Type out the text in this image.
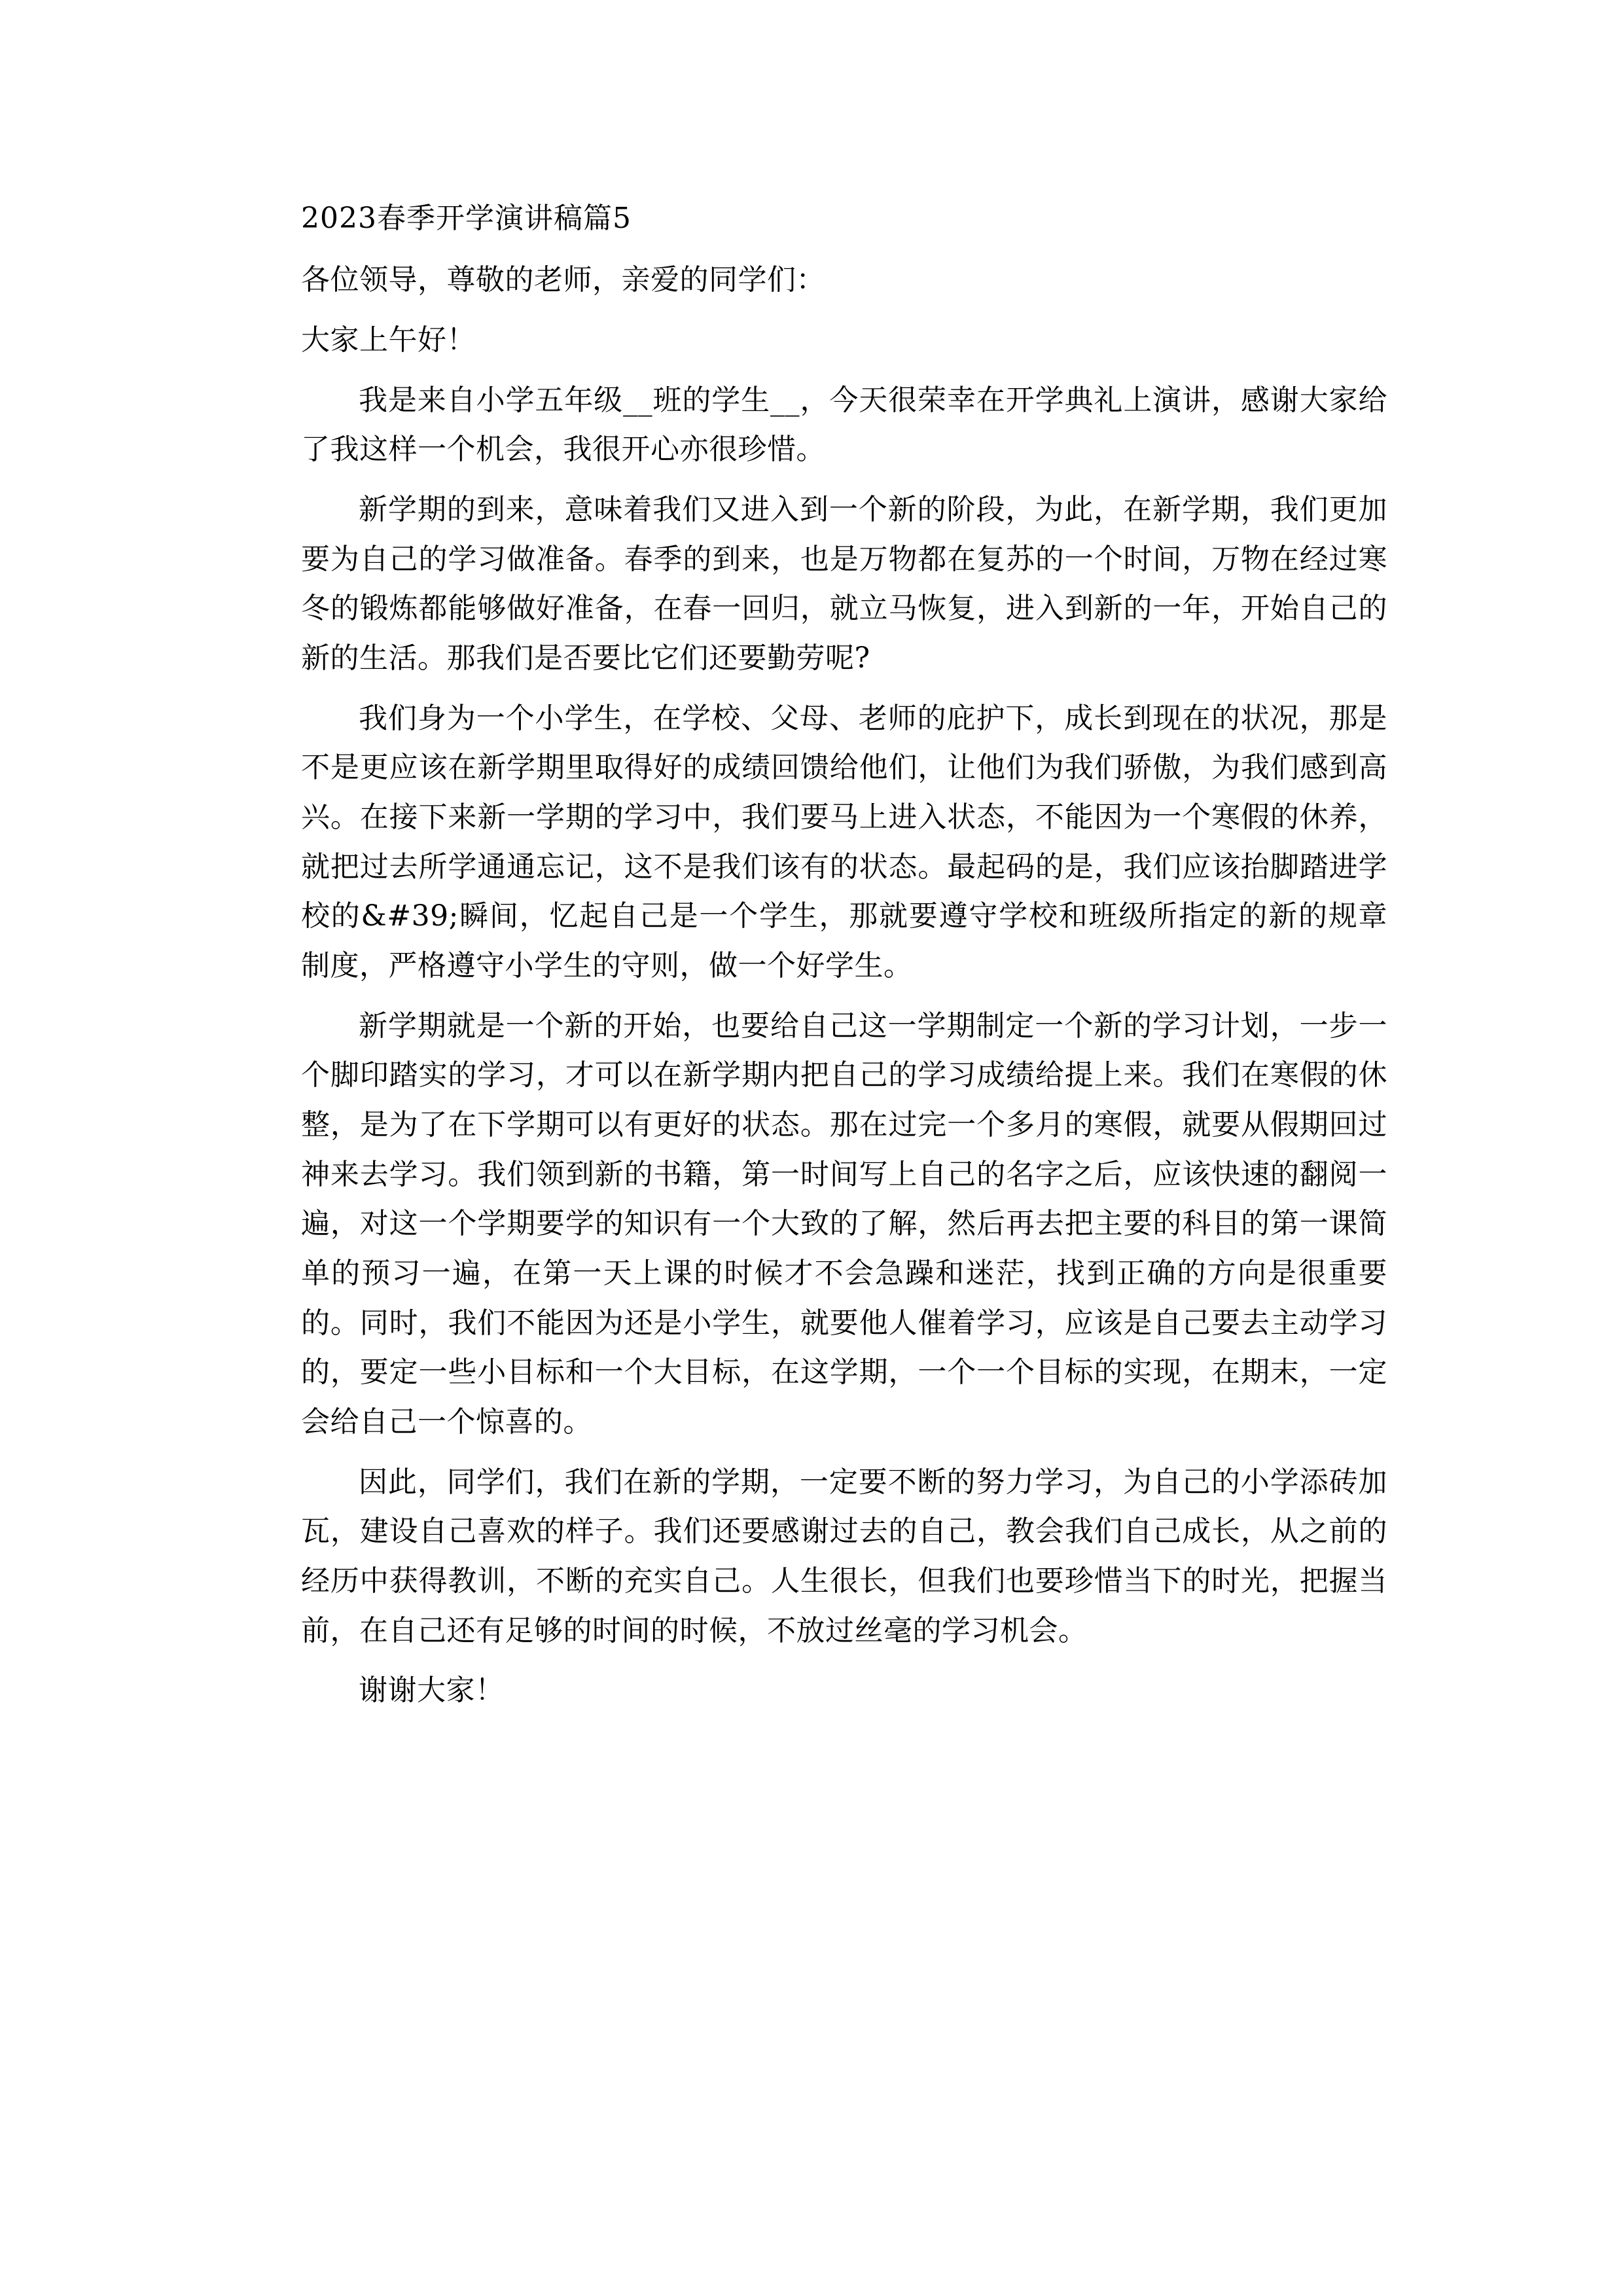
2023春季开学演讲稿篇5

各位领导，尊敬的老师，亲爱的同学们：

大家上午好！

我是来自小学五年级__班的学生__，今天很荣幸在开学典礼上演讲，感谢大家给了我这样一个机会，我很开心亦很珍惜。

新学期的到来，意味着我们又进入到一个新的阶段，为此，在新学期，我们更加要为自己的学习做准备。春季的到来，也是万物都在复苏的一个时间，万物在经过寒冬的锻炼都能够做好准备，在春一回归，就立马恢复，进入到新的一年，开始自己的新的生活。那我们是否要比它们还要勤劳呢?

我们身为一个小学生，在学校、父母、老师的庇护下，成长到现在的状况，那是不是更应该在新学期里取得好的成绩回馈给他们，让他们为我们骄傲，为我们感到高兴。在接下来新一学期的学习中，我们要马上进入状态，不能因为一个寒假的休养，就把过去所学通通忘记，这不是我们该有的状态。最起码的是，我们应该抬脚踏进学校的&#39;瞬间，忆起自己是一个学生，那就要遵守学校和班级所指定的新的规章制度，严格遵守小学生的守则，做一个好学生。

新学期就是一个新的开始，也要给自己这一学期制定一个新的学习计划，一步一个脚印踏实的学习，才可以在新学期内把自己的学习成绩给提上来。我们在寒假的休整，是为了在下学期可以有更好的状态。那在过完一个多月的寒假，就要从假期回过神来去学习。我们领到新的书籍，第一时间写上自己的名字之后，应该快速的翻阅一遍，对这一个学期要学的知识有一个大致的了解，然后再去把主要的科目的第一课简单的预习一遍，在第一天上课的时候才不会急躁和迷茫，找到正确的方向是很重要的。同时，我们不能因为还是小学生，就要他人催着学习，应该是自己要去主动学习的，要定一些小目标和一个大目标，在这学期，一个一个目标的实现，在期末，一定会给自己一个惊喜的。

因此，同学们，我们在新的学期，一定要不断的努力学习，为自己的小学添砖加瓦，建设自己喜欢的样子。我们还要感谢过去的自己，教会我们自己成长，从之前的经历中获得教训，不断的充实自己。人生很长，但我们也要珍惜当下的时光，把握当前，在自己还有足够的时间的时候，不放过丝毫的学习机会。

谢谢大家！
